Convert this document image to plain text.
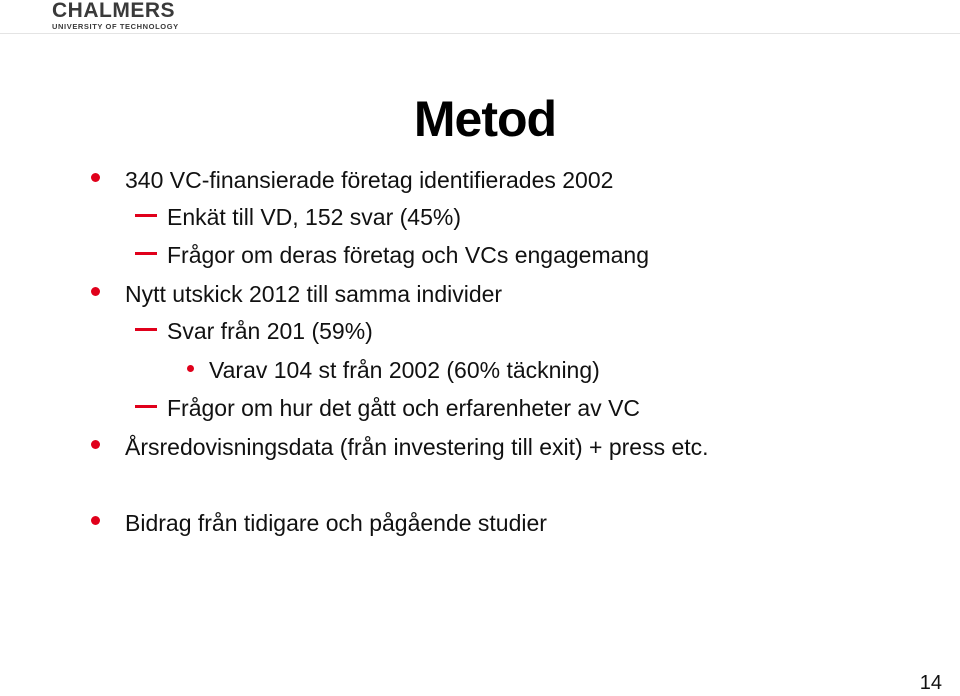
CHALMERS
UNIVERSITY OF TECHNOLOGY
Metod
340 VC-finansierade företag identifierades 2002
Enkät till VD, 152 svar (45%)
Frågor om deras företag och VCs engagemang
Nytt utskick 2012 till samma individer
Svar från 201 (59%)
Varav 104 st från 2002 (60% täckning)
Frågor om hur det gått och erfarenheter av VC
Årsredovisningsdata (från investering till exit) + press etc.
Bidrag från tidigare och pågående studier
14
